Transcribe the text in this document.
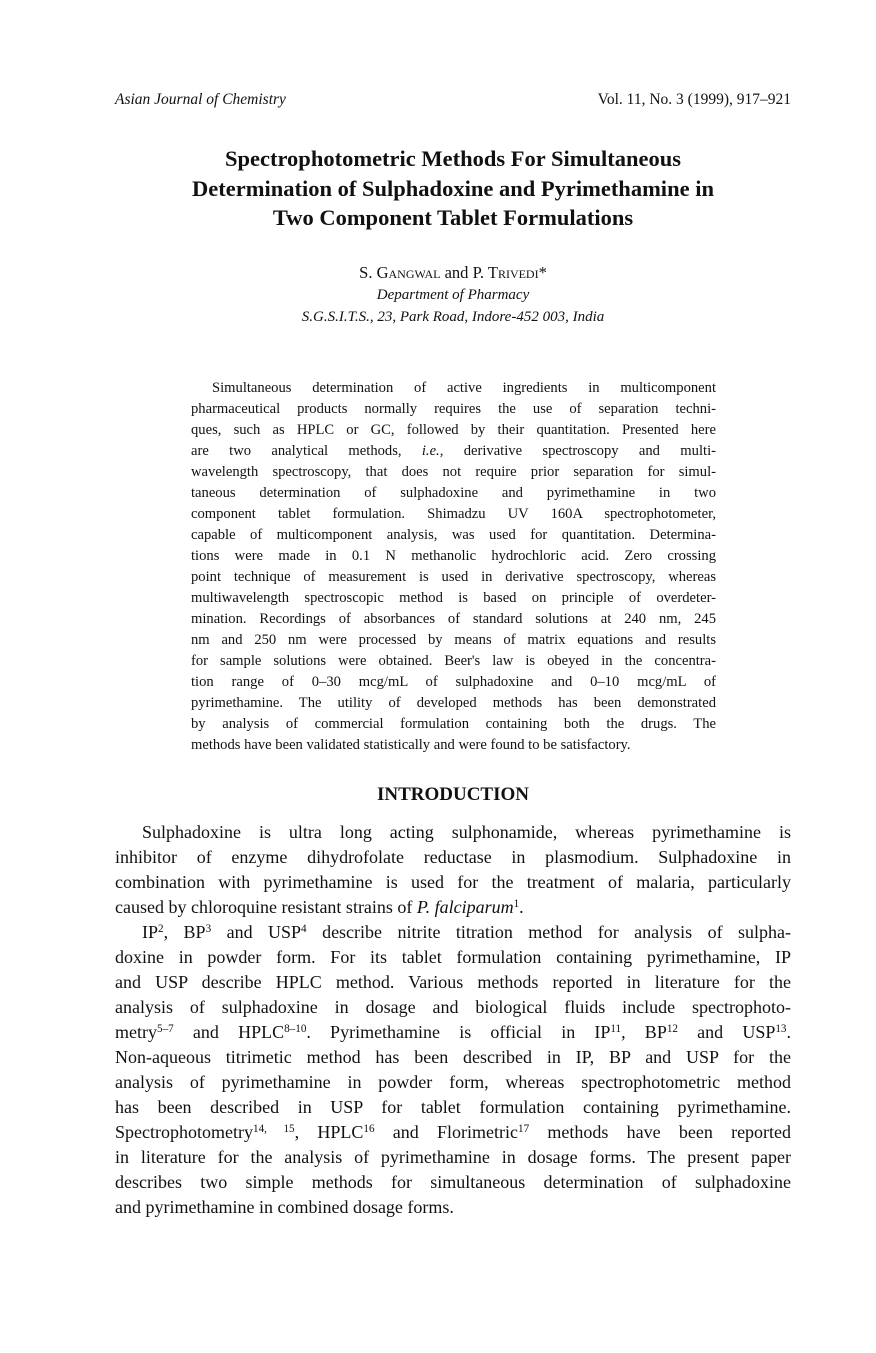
Asian Journal of Chemistry	Vol. 11, No. 3 (1999), 917–921
Spectrophotometric Methods For Simultaneous
Determination of Sulphadoxine and Pyrimethamine in
Two Component Tablet Formulations
S. Gangwal and P. Trivedi*
Department of Pharmacy
S.G.S.I.T.S., 23, Park Road, Indore-452 003, India
Simultaneous determination of active ingredients in multicomponent
pharmaceutical products normally requires the use of separation techni-
ques, such as HPLC or GC, followed by their quantitation. Presented here
are two analytical methods, i.e., derivative spectroscopy and multi-
wavelength spectroscopy, that does not require prior separation for simul-
taneous determination of sulphadoxine and pyrimethamine in two
component tablet formulation. Shimadzu UV 160A spectrophotometer,
capable of multicomponent analysis, was used for quantitation. Determina-
tions were made in 0.1 N methanolic hydrochloric acid. Zero crossing
point technique of measurement is used in derivative spectroscopy, whereas
multiwavelength spectroscopic method is based on principle of overdeter-
mination. Recordings of absorbances of standard solutions at 240 nm, 245
nm and 250 nm were processed by means of matrix equations and results
for sample solutions were obtained. Beer's law is obeyed in the concentra-
tion range of 0–30 mcg/mL of sulphadoxine and 0–10 mcg/mL of
pyrimethamine. The utility of developed methods has been demonstrated
by analysis of commercial formulation containing both the drugs. The
methods have been validated statistically and were found to be satisfactory.
INTRODUCTION
Sulphadoxine is ultra long acting sulphonamide, whereas pyrimethamine is
inhibitor of enzyme dihydrofolate reductase in plasmodium. Sulphadoxine in
combination with pyrimethamine is used for the treatment of malaria, particularly
caused by chloroquine resistant strains of P. falciparum$^1$.
$IP^2$, $BP^3$ and USP$^4$ describe nitrite titration method for analysis of sulpha-
doxine in powder form. For its tablet formulation containing pyrimethamine, IP
and USP describe HPLC method. Various methods reported in literature for the
analysis of sulphadoxine in dosage and biological fluids include spectrophoto-
metry$^{5-7}$ and HPLC$^{8-10}$. Pyrimethamine is official in IP$^{11}$, BP$^{12}$ and USP$^{13}$.
Non-aqueous titrimetic method has been described in IP, BP and USP for the
analysis of pyrimethamine in powder form, whereas spectrophotometric method
has been described in USP for tablet formulation containing pyrimethamine.
Spectrophotometry$^{14, 15}$, HPLC$^{16}$ and Florimetric$^{17}$ methods have been reported
in literature for the analysis of pyrimethamine in dosage forms. The present paper
describes two simple methods for simultaneous determination of sulphadoxine
and pyrimethamine in combined dosage forms.
